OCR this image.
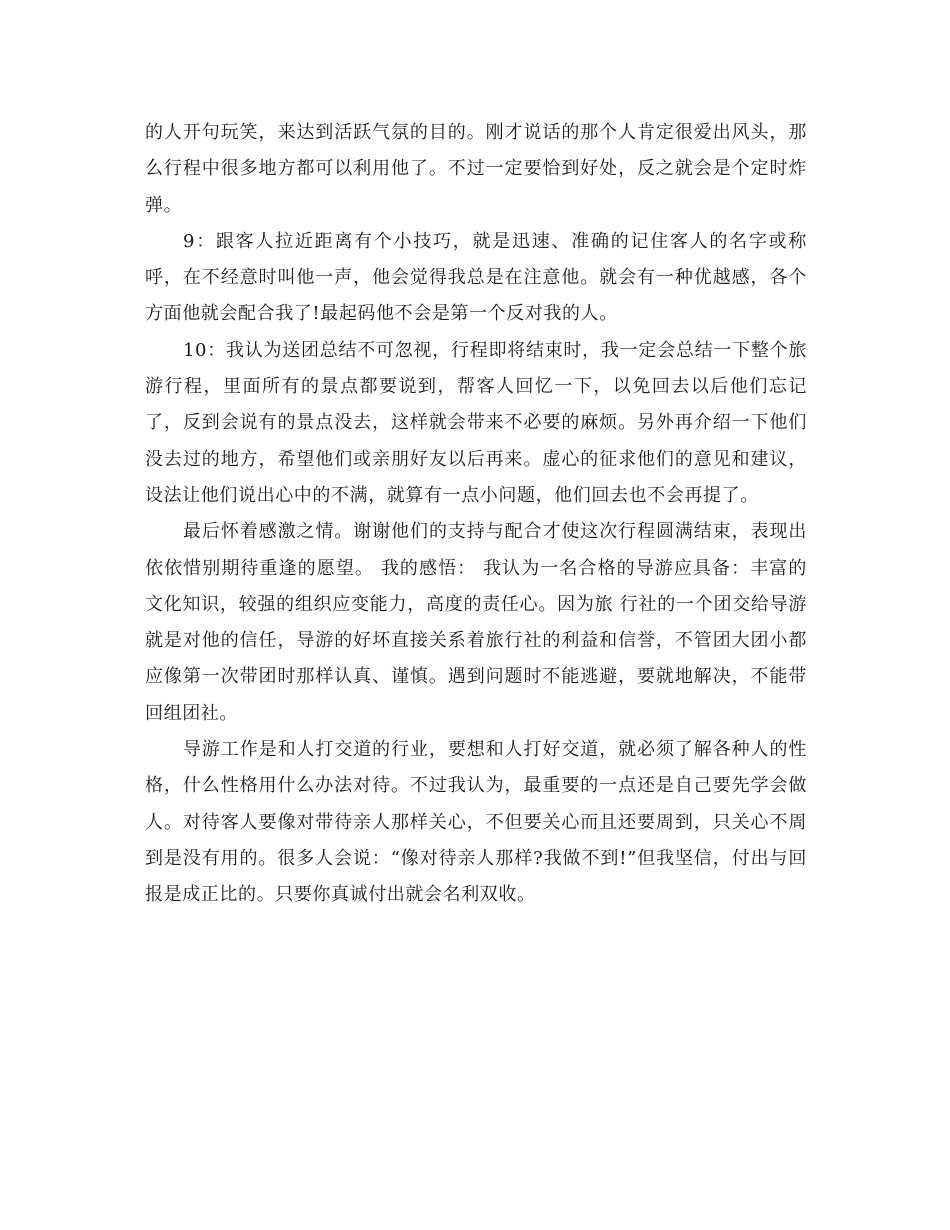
的人开句玩笑，来达到活跃气氛的目的。刚才说话的那个人肯定很爱出风头，那么行程中很多地方都可以利用他了。不过一定要恰到好处，反之就会是个定时炸弹。

9：跟客人拉近距离有个小技巧，就是迅速、准确的记住客人的名字或称呼，在不经意时叫他一声，他会觉得我总是在注意他。就会有一种优越感，各个方面他就会配合我了!最起码他不会是第一个反对我的人。

10：我认为送团总结不可忽视，行程即将结束时，我一定会总结一下整个旅游行程，里面所有的景点都要说到，帮客人回忆一下，以免回去以后他们忘记了，反到会说有的景点没去，这样就会带来不必要的麻烦。另外再介绍一下他们没去过的地方，希望他们或亲朋好友以后再来。虚心的征求他们的意见和建议，设法让他们说出心中的不满，就算有一点小问题，他们回去也不会再提了。

最后怀着感激之情。谢谢他们的支持与配合才使这次行程圆满结束，表现出依依惜别期待重逢的愿望。 我的感悟： 我认为一名合格的导游应具备：丰富的文化知识，较强的组织应变能力，高度的责任心。因为旅 行社的一个团交给导游就是对他的信任，导游的好坏直接关系着旅行社的利益和信誉，不管团大团小都应像第一次带团时那样认真、谨慎。遇到问题时不能逃避，要就地解决，不能带回组团社。

导游工作是和人打交道的行业，要想和人打好交道，就必须了解各种人的性格，什么性格用什么办法对待。不过我认为，最重要的一点还是自己要先学会做人。对待客人要像对带待亲人那样关心，不但要关心而且还要周到，只关心不周到是没有用的。很多人会说：“像对待亲人那样?我做不到!”但我坚信，付出与回报是成正比的。只要你真诚付出就会名利双收。
